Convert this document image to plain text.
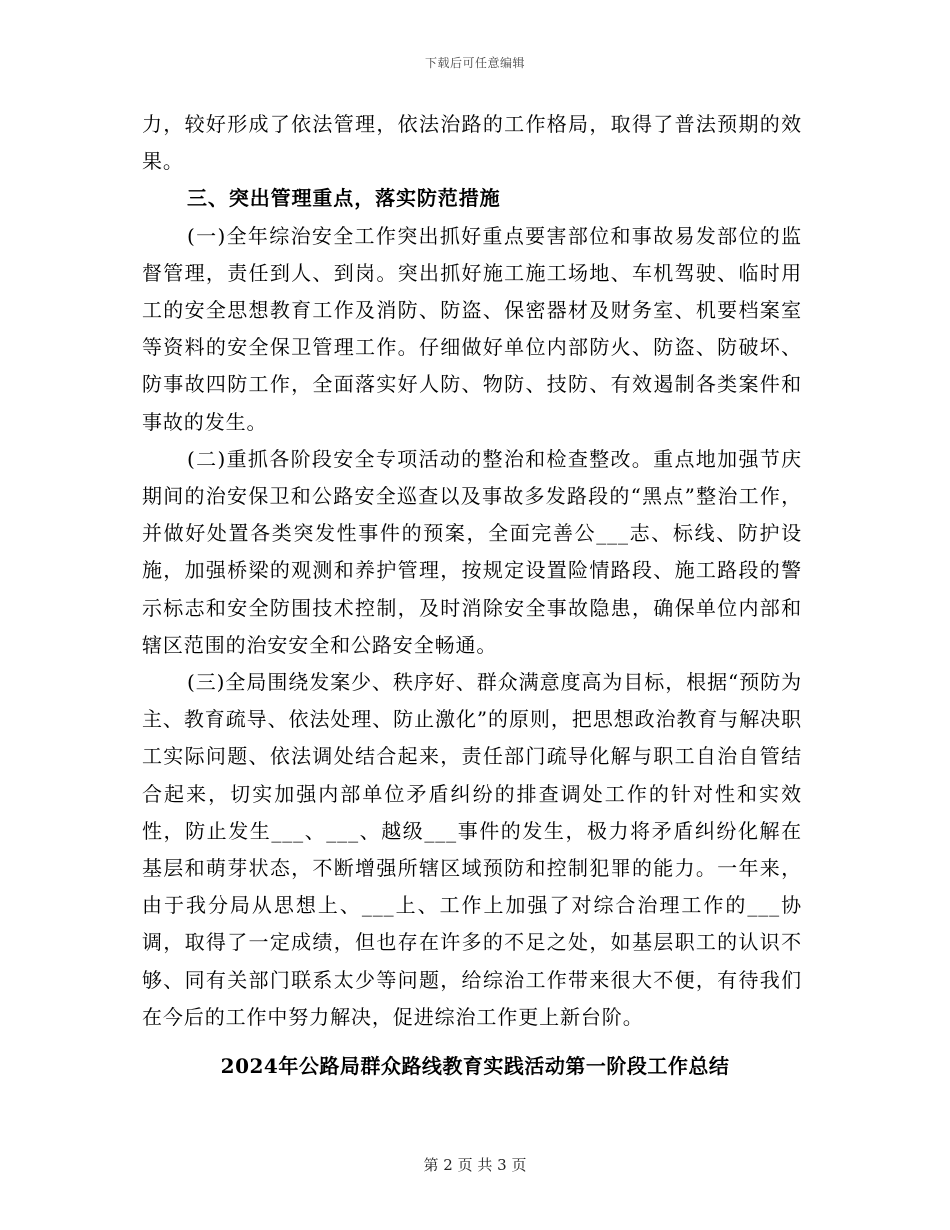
下载后可任意编辑

力，较好形成了依法管理，依法治路的工作格局，取得了普法预期的效果。

三、突出管理重点，落实防范措施

(一)全年综治安全工作突出抓好重点要害部位和事故易发部位的监督管理，责任到人、到岗。突出抓好施工施工场地、车机驾驶、临时用工的安全思想教育工作及消防、防盗、保密器材及财务室、机要档案室等资料的安全保卫管理工作。仔细做好单位内部防火、防盗、防破坏、防事故四防工作，全面落实好人防、物防、技防、有效遏制各类案件和事故的发生。

(二)重抓各阶段安全专项活动的整治和检查整改。重点地加强节庆期间的治安保卫和公路安全巡查以及事故多发路段的“黑点”整治工作，并做好处置各类突发性事件的预案，全面完善公___志、标线、防护设施，加强桥梁的观测和养护管理，按规定设置险情路段、施工路段的警示标志和安全防围技术控制，及时消除安全事故隐患，确保单位内部和辖区范围的治安安全和公路安全畅通。

(三)全局围绕发案少、秩序好、群众满意度高为目标，根据“预防为主、教育疏导、依法处理、防止激化”的原则，把思想政治教育与解决职工实际问题、依法调处结合起来，责任部门疏导化解与职工自治自管结合起来，切实加强内部单位矛盾纠纷的排查调处工作的针对性和实效性，防止发生___、___、越级___事件的发生，极力将矛盾纠纷化解在基层和萌芽状态，不断增强所辖区域预防和控制犯罪的能力。一年来，由于我分局从思想上、___上、工作上加强了对综合治理工作的___协调，取得了一定成绩，但也存在许多的不足之处，如基层职工的认识不够、同有关部门联系太少等问题，给综治工作带来很大不便，有待我们在今后的工作中努力解决，促进综治工作更上新台阶。

2024年公路局群众路线教育实践活动第一阶段工作总结
第 2 页 共 3 页
